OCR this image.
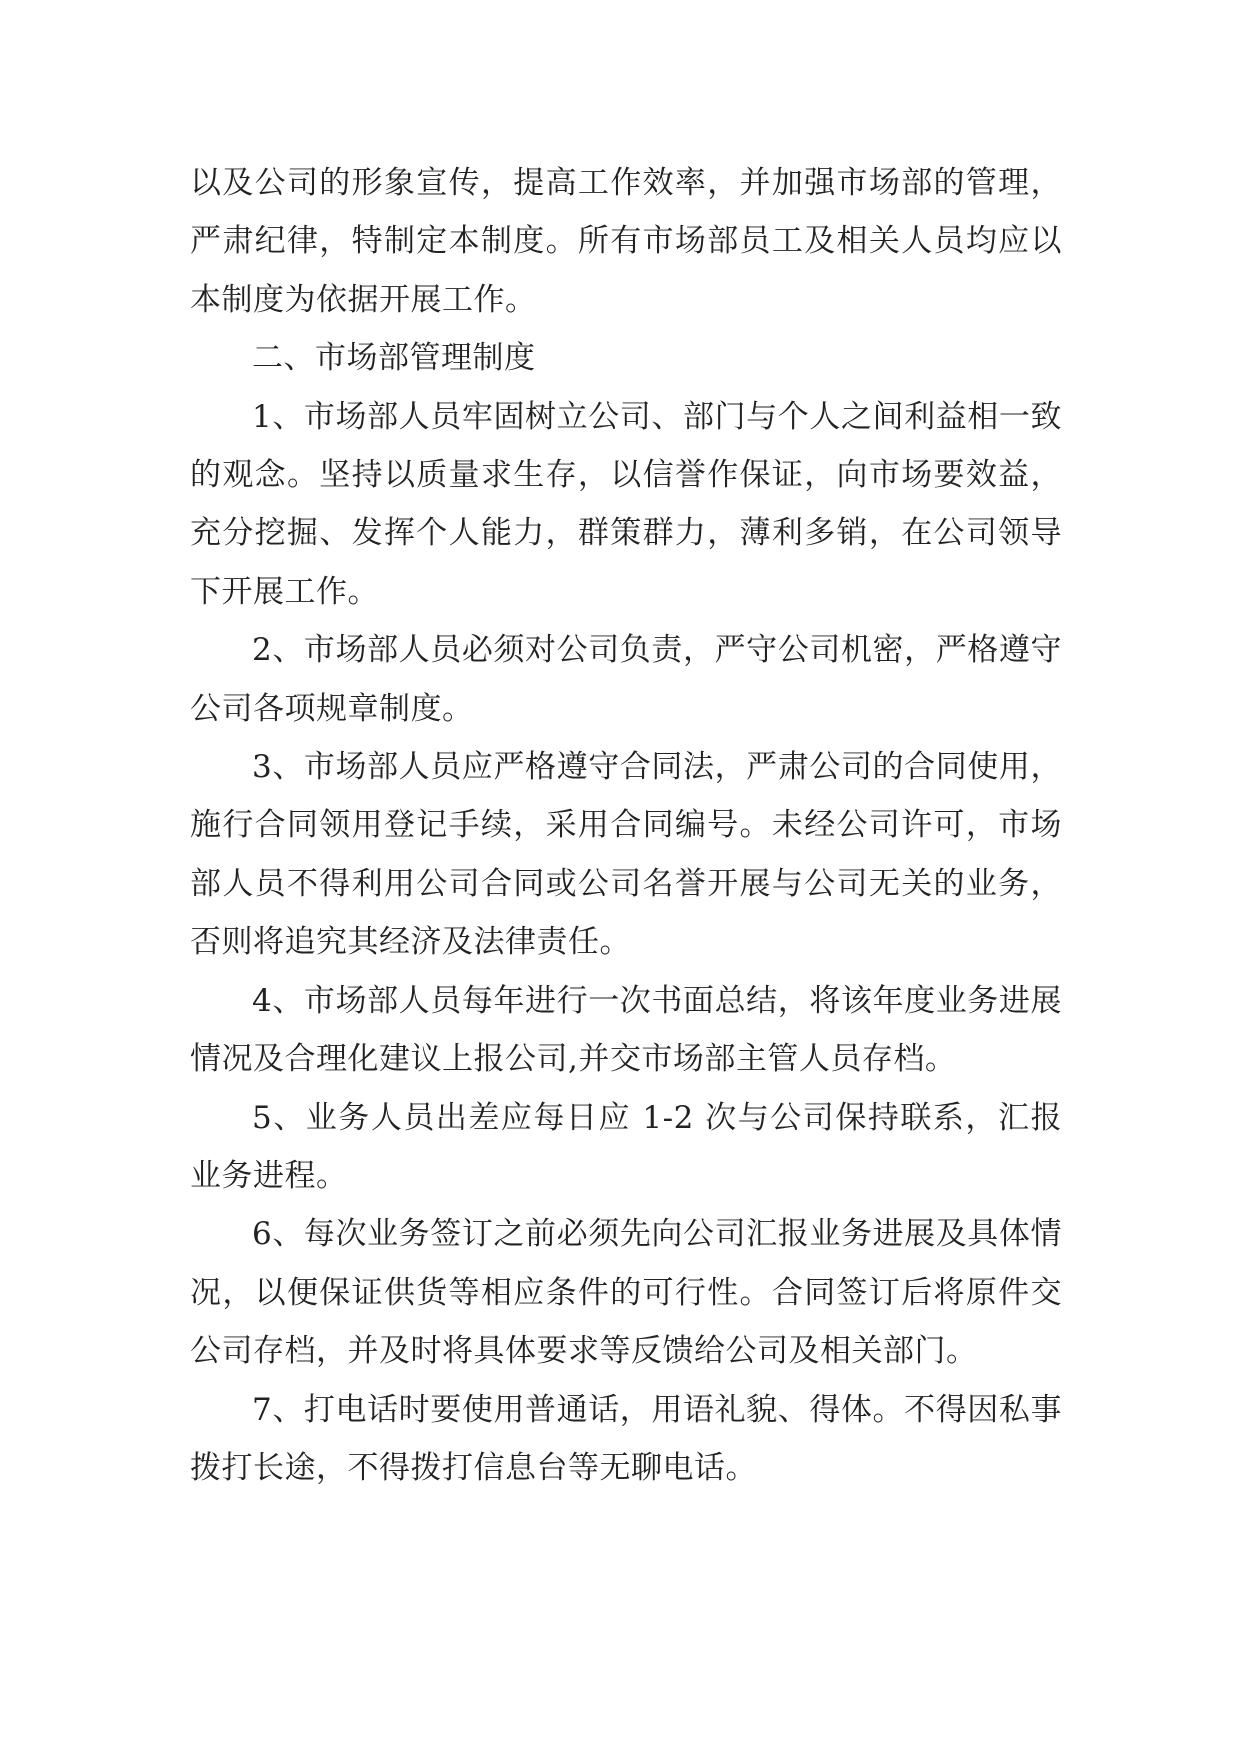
以及公司的形象宣传，提高工作效率，并加强市场部的管理，严肃纪律，特制定本制度。所有市场部员工及相关人员均应以本制度为依据开展工作。

二、市场部管理制度

1、市场部人员牢固树立公司、部门与个人之间利益相一致的观念。坚持以质量求生存，以信誉作保证，向市场要效益，充分挖掘、发挥个人能力，群策群力，薄利多销，在公司领导下开展工作。

2、市场部人员必须对公司负责，严守公司机密，严格遵守公司各项规章制度。

3、市场部人员应严格遵守合同法，严肃公司的合同使用，施行合同领用登记手续，采用合同编号。未经公司许可，市场部人员不得利用公司合同或公司名誉开展与公司无关的业务，否则将追究其经济及法律责任。

4、市场部人员每年进行一次书面总结，将该年度业务进展情况及合理化建议上报公司,并交市场部主管人员存档。

5、业务人员出差应每日应 1-2 次与公司保持联系，汇报业务进程。

6、每次业务签订之前必须先向公司汇报业务进展及具体情况，以便保证供货等相应条件的可行性。合同签订后将原件交公司存档，并及时将具体要求等反馈给公司及相关部门。

7、打电话时要使用普通话，用语礼貌、得体。不得因私事拨打长途，不得拨打信息台等无聊电话。
